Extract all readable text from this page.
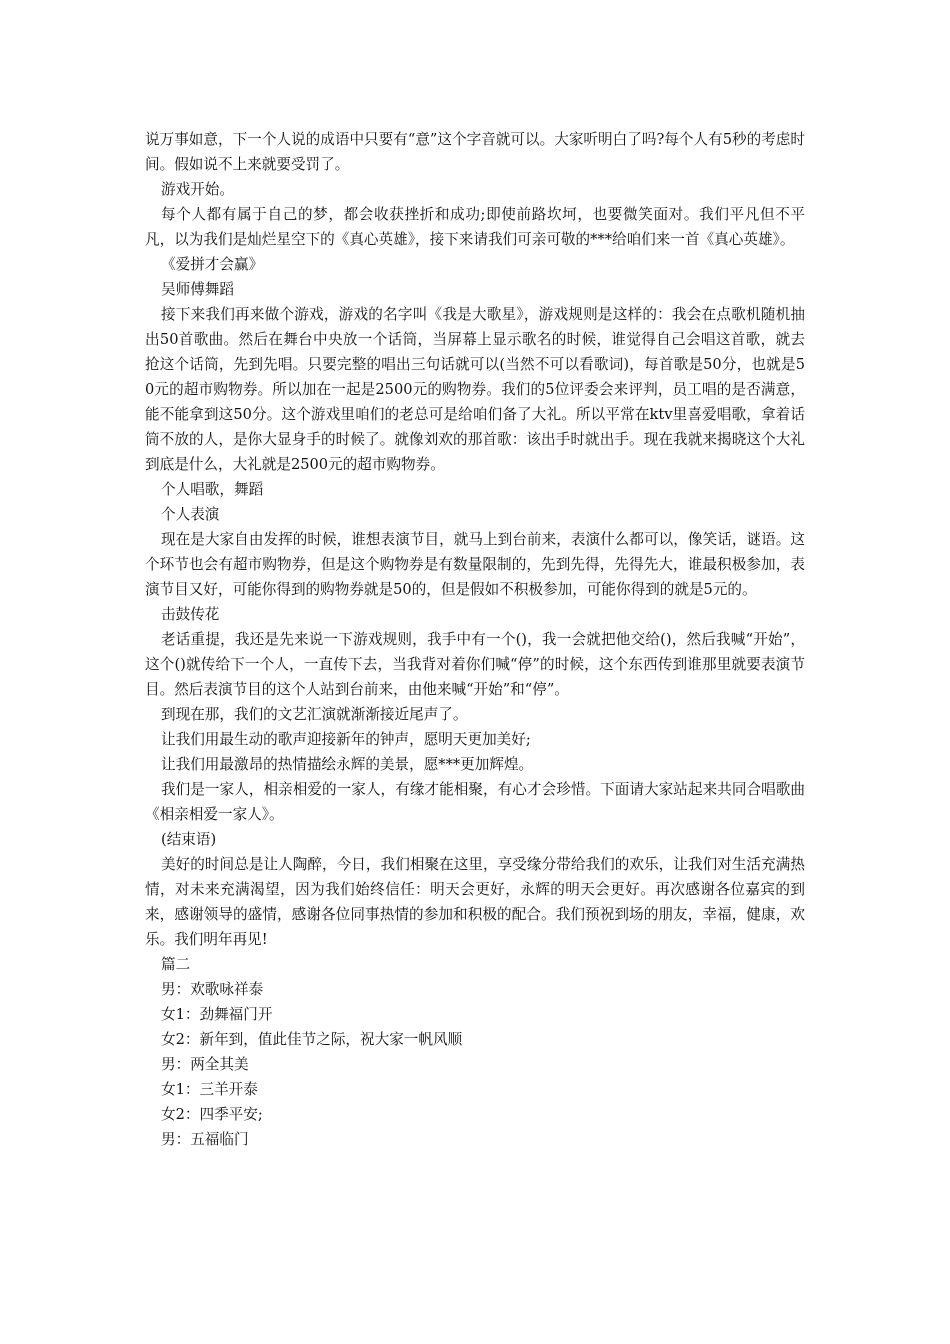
说万事如意，下一个人说的成语中只要有“意”这个字音就可以。大家听明白了吗?每个人有5秒的考虑时间。假如说不上来就要受罚了。

游戏开始。

每个人都有属于自己的梦，都会收获挫折和成功;即使前路坎坷，也要微笑面对。我们平凡但不平凡，以为我们是灿烂星空下的《真心英雄》，接下来请我们可亲可敬的***给咱们来一首《真心英雄》。

《爱拼才会赢》

吴师傅舞蹈

接下来我们再来做个游戏，游戏的名字叫《我是大歌星》，游戏规则是这样的：我会在点歌机随机抽出50首歌曲。然后在舞台中央放一个话筒，当屏幕上显示歌名的时候，谁觉得自己会唱这首歌，就去抢这个话筒，先到先唱。只要完整的唱出三句话就可以(当然不可以看歌词)，每首歌是50分，也就是50元的超市购物券。所以加在一起是2500元的购物券。我们的5位评委会来评判，员工唱的是否满意，能不能拿到这50分。这个游戏里咱们的老总可是给咱们备了大礼。所以平常在ktv里喜爱唱歌，拿着话筒不放的人，是你大显身手的时候了。就像刘欢的那首歌：该出手时就出手。现在我就来揭晓这个大礼到底是什么，大礼就是2500元的超市购物券。

个人唱歌，舞蹈

个人表演

现在是大家自由发挥的时候，谁想表演节目，就马上到台前来，表演什么都可以，像笑话，谜语。这个环节也会有超市购物券，但是这个购物券是有数量限制的，先到先得，先得先大，谁最积极参加，表演节目又好，可能你得到的购物券就是50的，但是假如不积极参加，可能你得到的就是5元的。

击鼓传花

老话重提，我还是先来说一下游戏规则，我手中有一个()，我一会就把他交给()，然后我喊“开始”，这个()就传给下一个人，一直传下去，当我背对着你们喊“停”的时候，这个东西传到谁那里就要表演节目。然后表演节目的这个人站到台前来，由他来喊“开始”和“停”。

到现在那，我们的文艺汇演就渐渐接近尾声了。

让我们用最生动的歌声迎接新年的钟声，愿明天更加美好;

让我们用最激昂的热情描绘永辉的美景，愿***更加辉煌。

我们是一家人，相亲相爱的一家人，有缘才能相聚，有心才会珍惜。下面请大家站起来共同合唱歌曲《相亲相爱一家人》。

(结束语)

美好的时间总是让人陶醉，今日，我们相聚在这里，享受缘分带给我们的欢乐，让我们对生活充满热情，对未来充满渴望，因为我们始终信任：明天会更好，永辉的明天会更好。再次感谢各位嘉宾的到来，感谢领导的盛情，感谢各位同事热情的参加和积极的配合。我们预祝到场的朋友，幸福，健康，欢乐。我们明年再见!

篇二

男：欢歌咏祥泰

女1：劲舞福门开

女2：新年到，值此佳节之际，祝大家一帆风顺

男：两全其美

女1：三羊开泰

女2：四季平安;

男：五福临门
